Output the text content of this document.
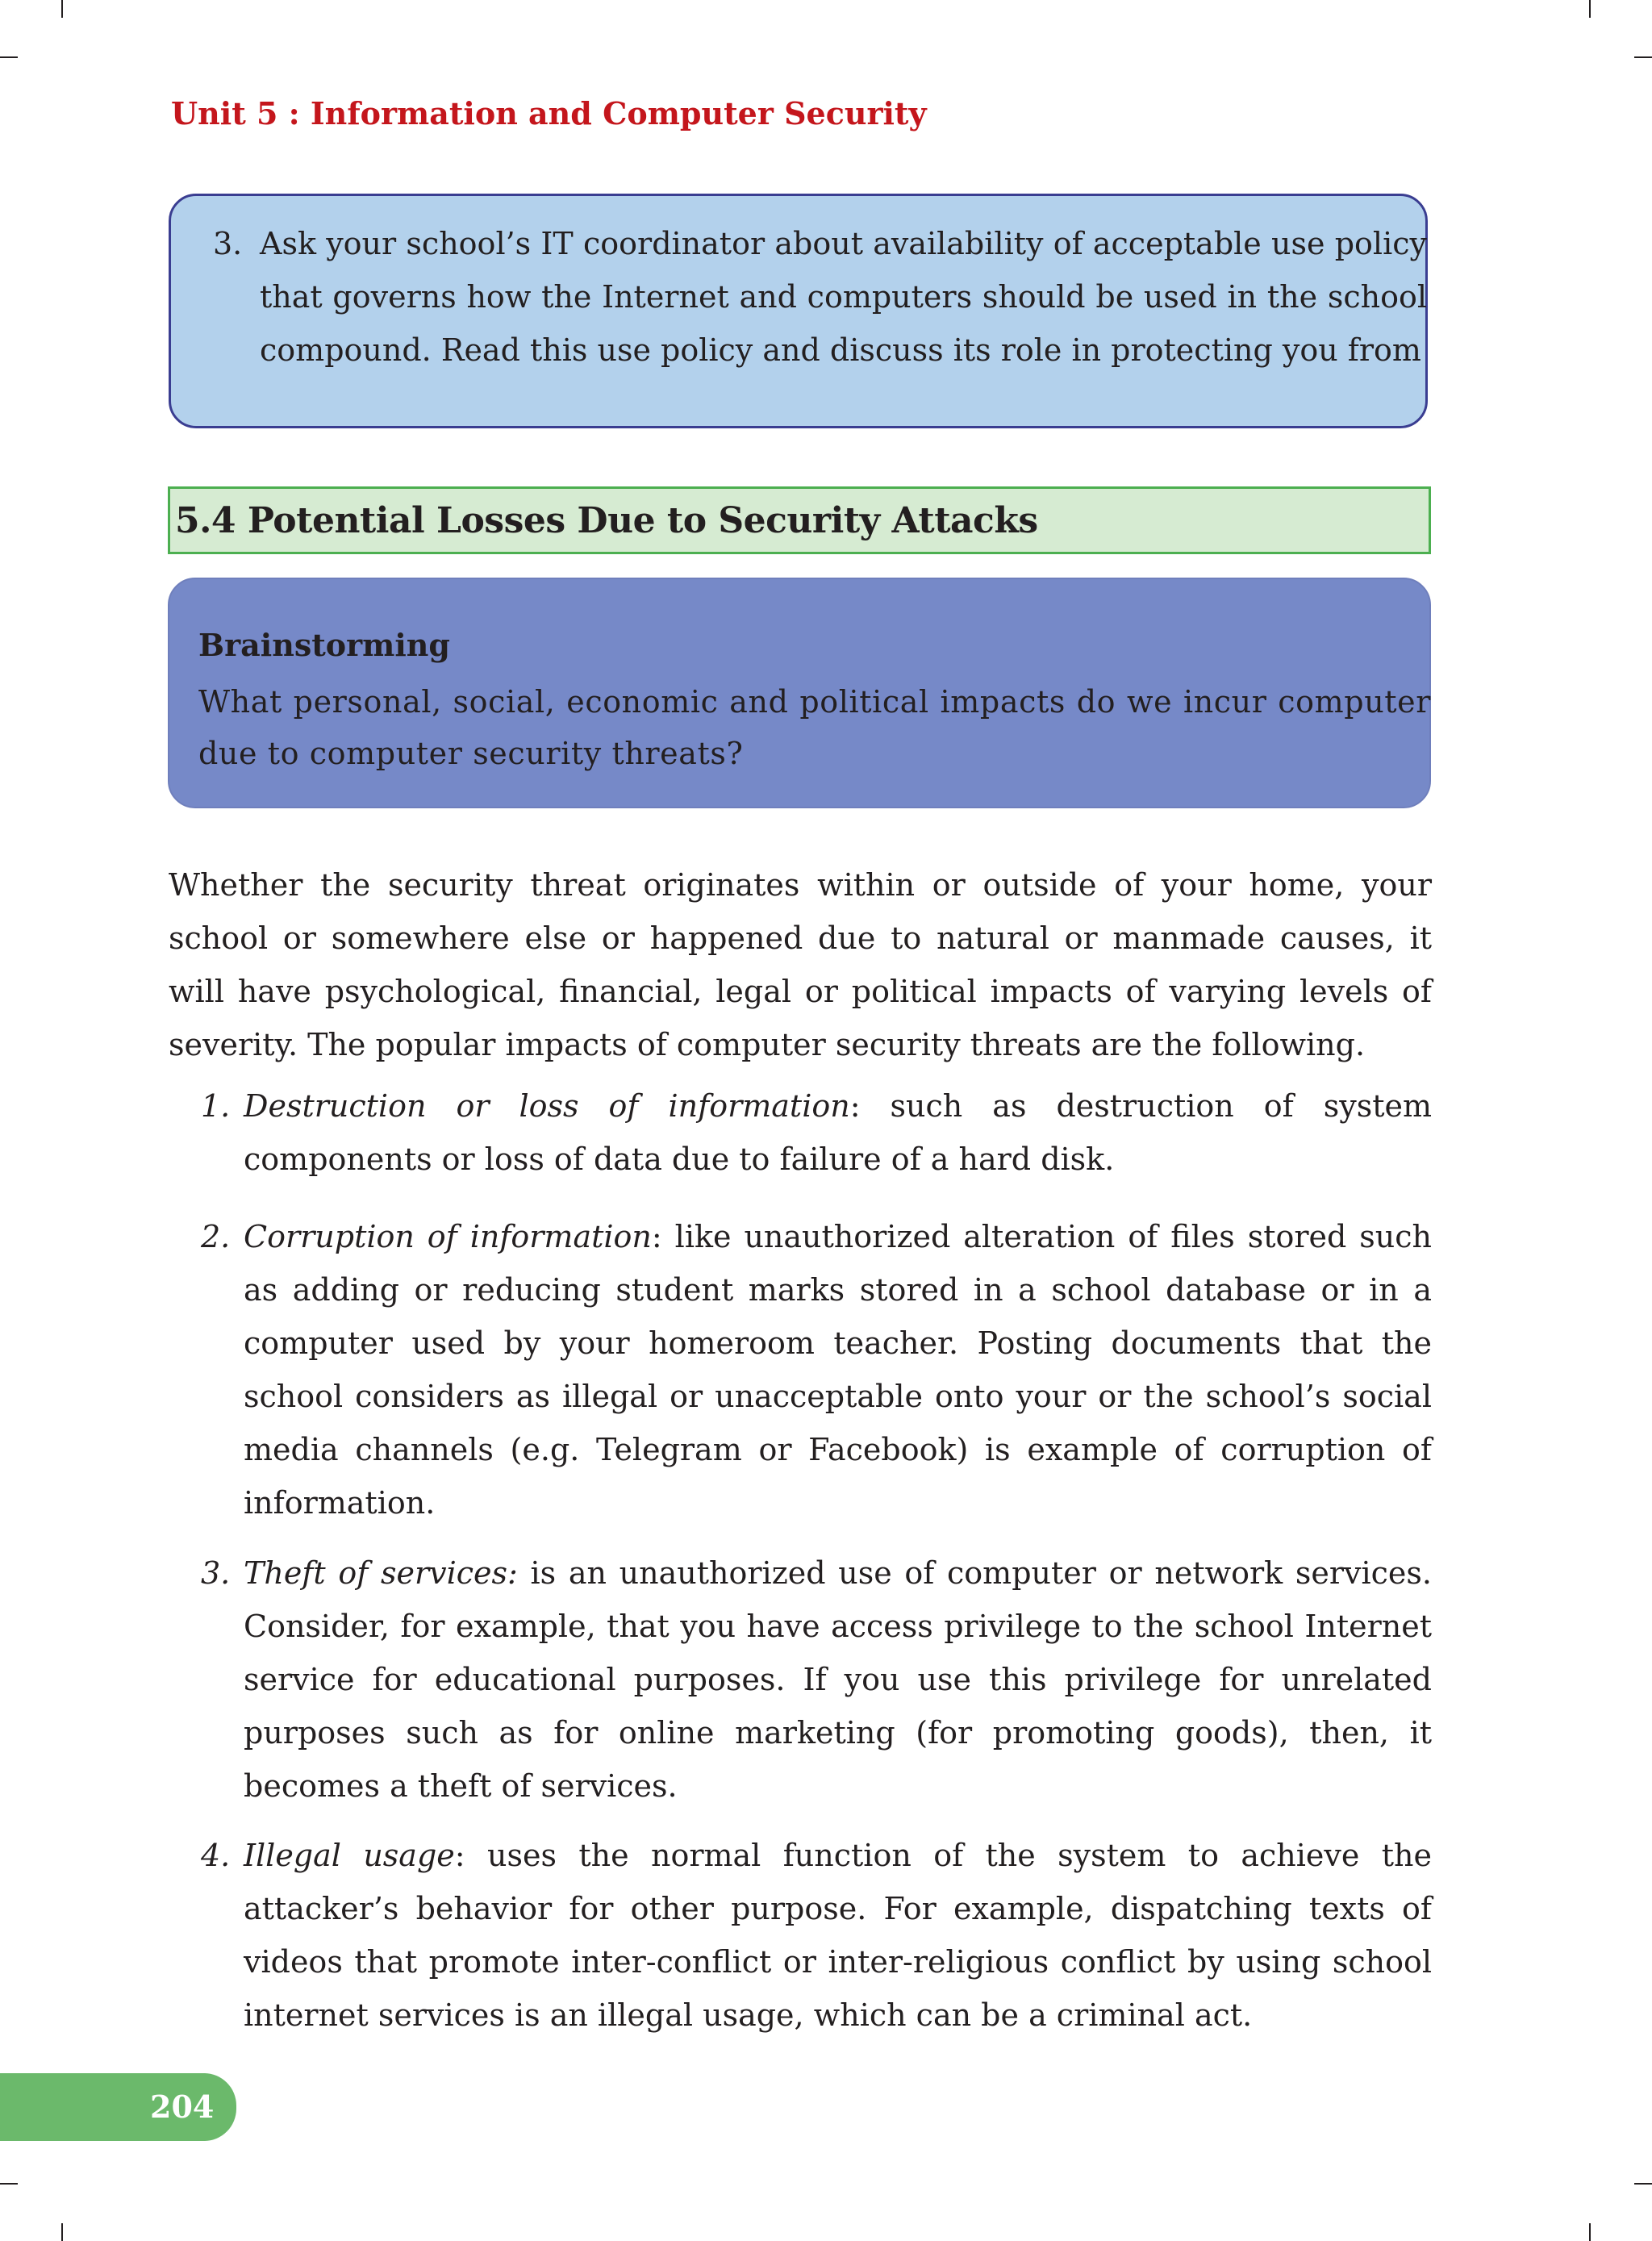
Unit 5 : Information and Computer Security
3. Ask your school’s IT coordinator about availability of acceptable use policy that governs how the Internet and computers should be used in the school compound. Read this use policy and discuss its role in protecting you from
5.4 Potential Losses Due to Security Attacks

Brainstorming

What personal, social, economic and political impacts do we incur computer due to computer security threats?

Whether the security threat originates within or outside of your home, your school or somewhere else or happened due to natural or manmade causes, it will have psychological, financial, legal or political impacts of varying levels of severity. The popular impacts of computer security threats are the following.

1. Destruction or loss of information: such as destruction of system components or loss of data due to failure of a hard disk.
2. Corruption of information: like unauthorized alteration of files stored such as adding or reducing student marks stored in a school database or in a computer used by your homeroom teacher. Posting documents that the school considers as illegal or unacceptable onto your or the school’s social media channels (e.g. Telegram or Facebook) is example of corruption of information.
3. Theft of services: is an unauthorized use of computer or network services. Consider, for example, that you have access privilege to the school Internet service for educational purposes. If you use this privilege for unrelated purposes such as for online marketing (for promoting goods), then, it becomes a theft of services.
4. Illegal usage: uses the normal function of the system to achieve the attacker’s behavior for other purpose. For example, dispatching texts of videos that promote inter-conflict or inter-religious conflict by using school internet services is an illegal usage, which can be a criminal act.
204
